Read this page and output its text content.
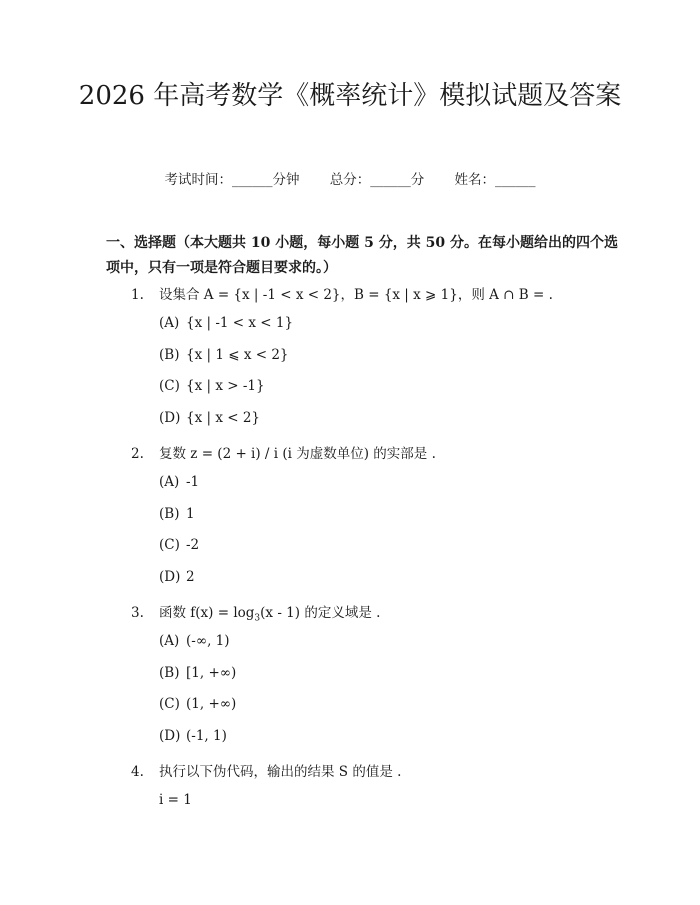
2026 年高考数学《概率统计》模拟试题及答案
考试时间：______分钟 总分：______分 姓名：______
一、选择题（本大题共 10 小题，每小题 5 分，共 50 分。在每小题给出的四个选项中，只有一项是符合题目要求的。）
1. 设集合 A = {x | -1 < x < 2}，B = {x | x ⩾ 1}，则 A ∩ B = .
(A) {x | -1 < x < 1}
(B) {x | 1 ⩽ x < 2}
(C) {x | x > -1}
(D) {x | x < 2}
2. 复数 z = (2 + i) / i (i 为虚数单位) 的实部是 .
(A) -1
(B) 1
(C) -2
(D) 2
3. 函数 $f(x) = \log_3(x - 1)$ 的定义域是 .
(A) (-∞, 1)
(B) [1, +∞)
(C) (1, +∞)
(D) (-1, 1)
4. 执行以下伪代码，输出的结果 S 的值是 .
i = 1
